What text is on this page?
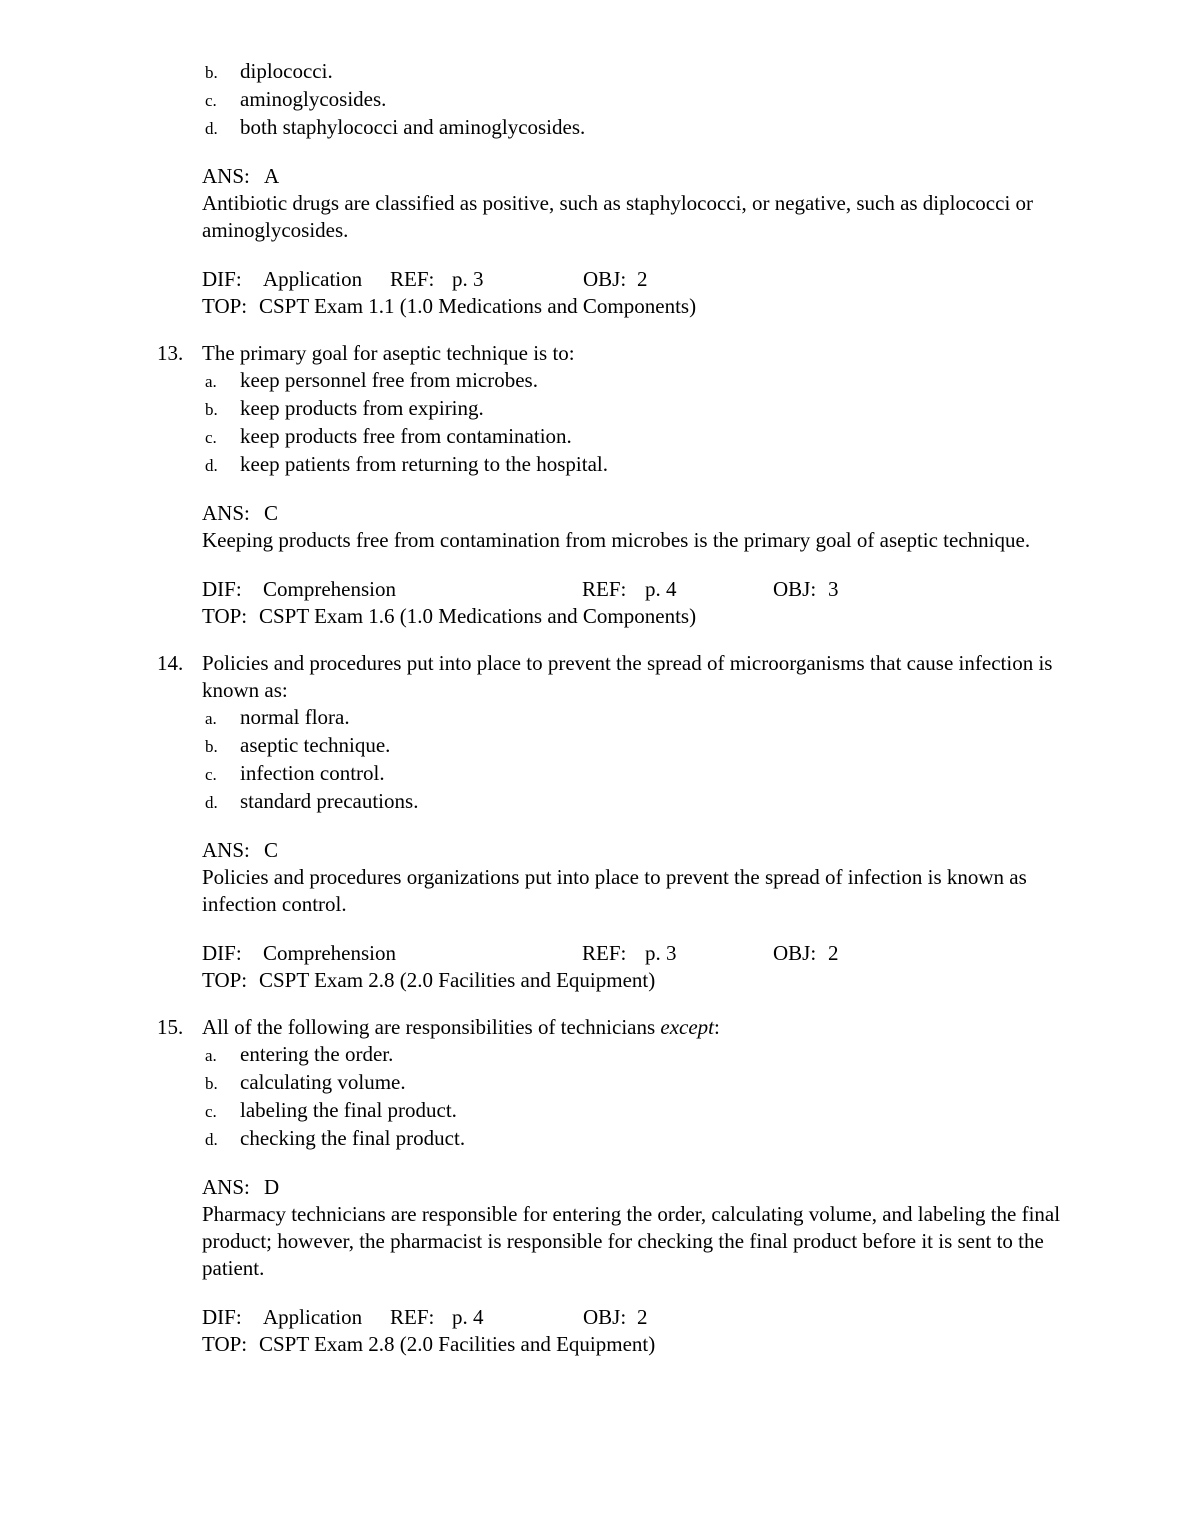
b. diplococci.
c. aminoglycosides.
d. both staphylococci and aminoglycosides.
ANS: A

Antibiotic drugs are classified as positive, such as staphylococci, or negative, such as diplococci or aminoglycosides.

DIF: Application REF: p. 3	OBJ: 2
TOP: CSPT Exam 1.1 (1.0 Medications and Components)
13. The primary goal for aseptic technique is to:
a. keep personnel free from microbes.
b. keep products from expiring.
c. keep products free from contamination.
d. keep patients from returning to the hospital.
ANS: C

Keeping products free from contamination from microbes is the primary goal of aseptic technique.

DIF: Comprehension	REF: p. 4	OBJ: 3
TOP: CSPT Exam 1.6 (1.0 Medications and Components)
14. Policies and procedures put into place to prevent the spread of microorganisms that cause infection is known as:
a. normal flora.
b. aseptic technique.
c. infection control.
d. standard precautions.
ANS: C

Policies and procedures organizations put into place to prevent the spread of infection is known as infection control.

DIF: Comprehension	REF: p. 3	OBJ: 2
TOP: CSPT Exam 2.8 (2.0 Facilities and Equipment)
15. All of the following are responsibilities of technicians except:
a. entering the order.
b. calculating volume.
c. labeling the final product.
d. checking the final product.
ANS: D

Pharmacy technicians are responsible for entering the order, calculating volume, and labeling the final product; however, the pharmacist is responsible for checking the final product before it is sent to the patient.

DIF: Application REF: p. 4	OBJ: 2
TOP: CSPT Exam 2.8 (2.0 Facilities and Equipment)
